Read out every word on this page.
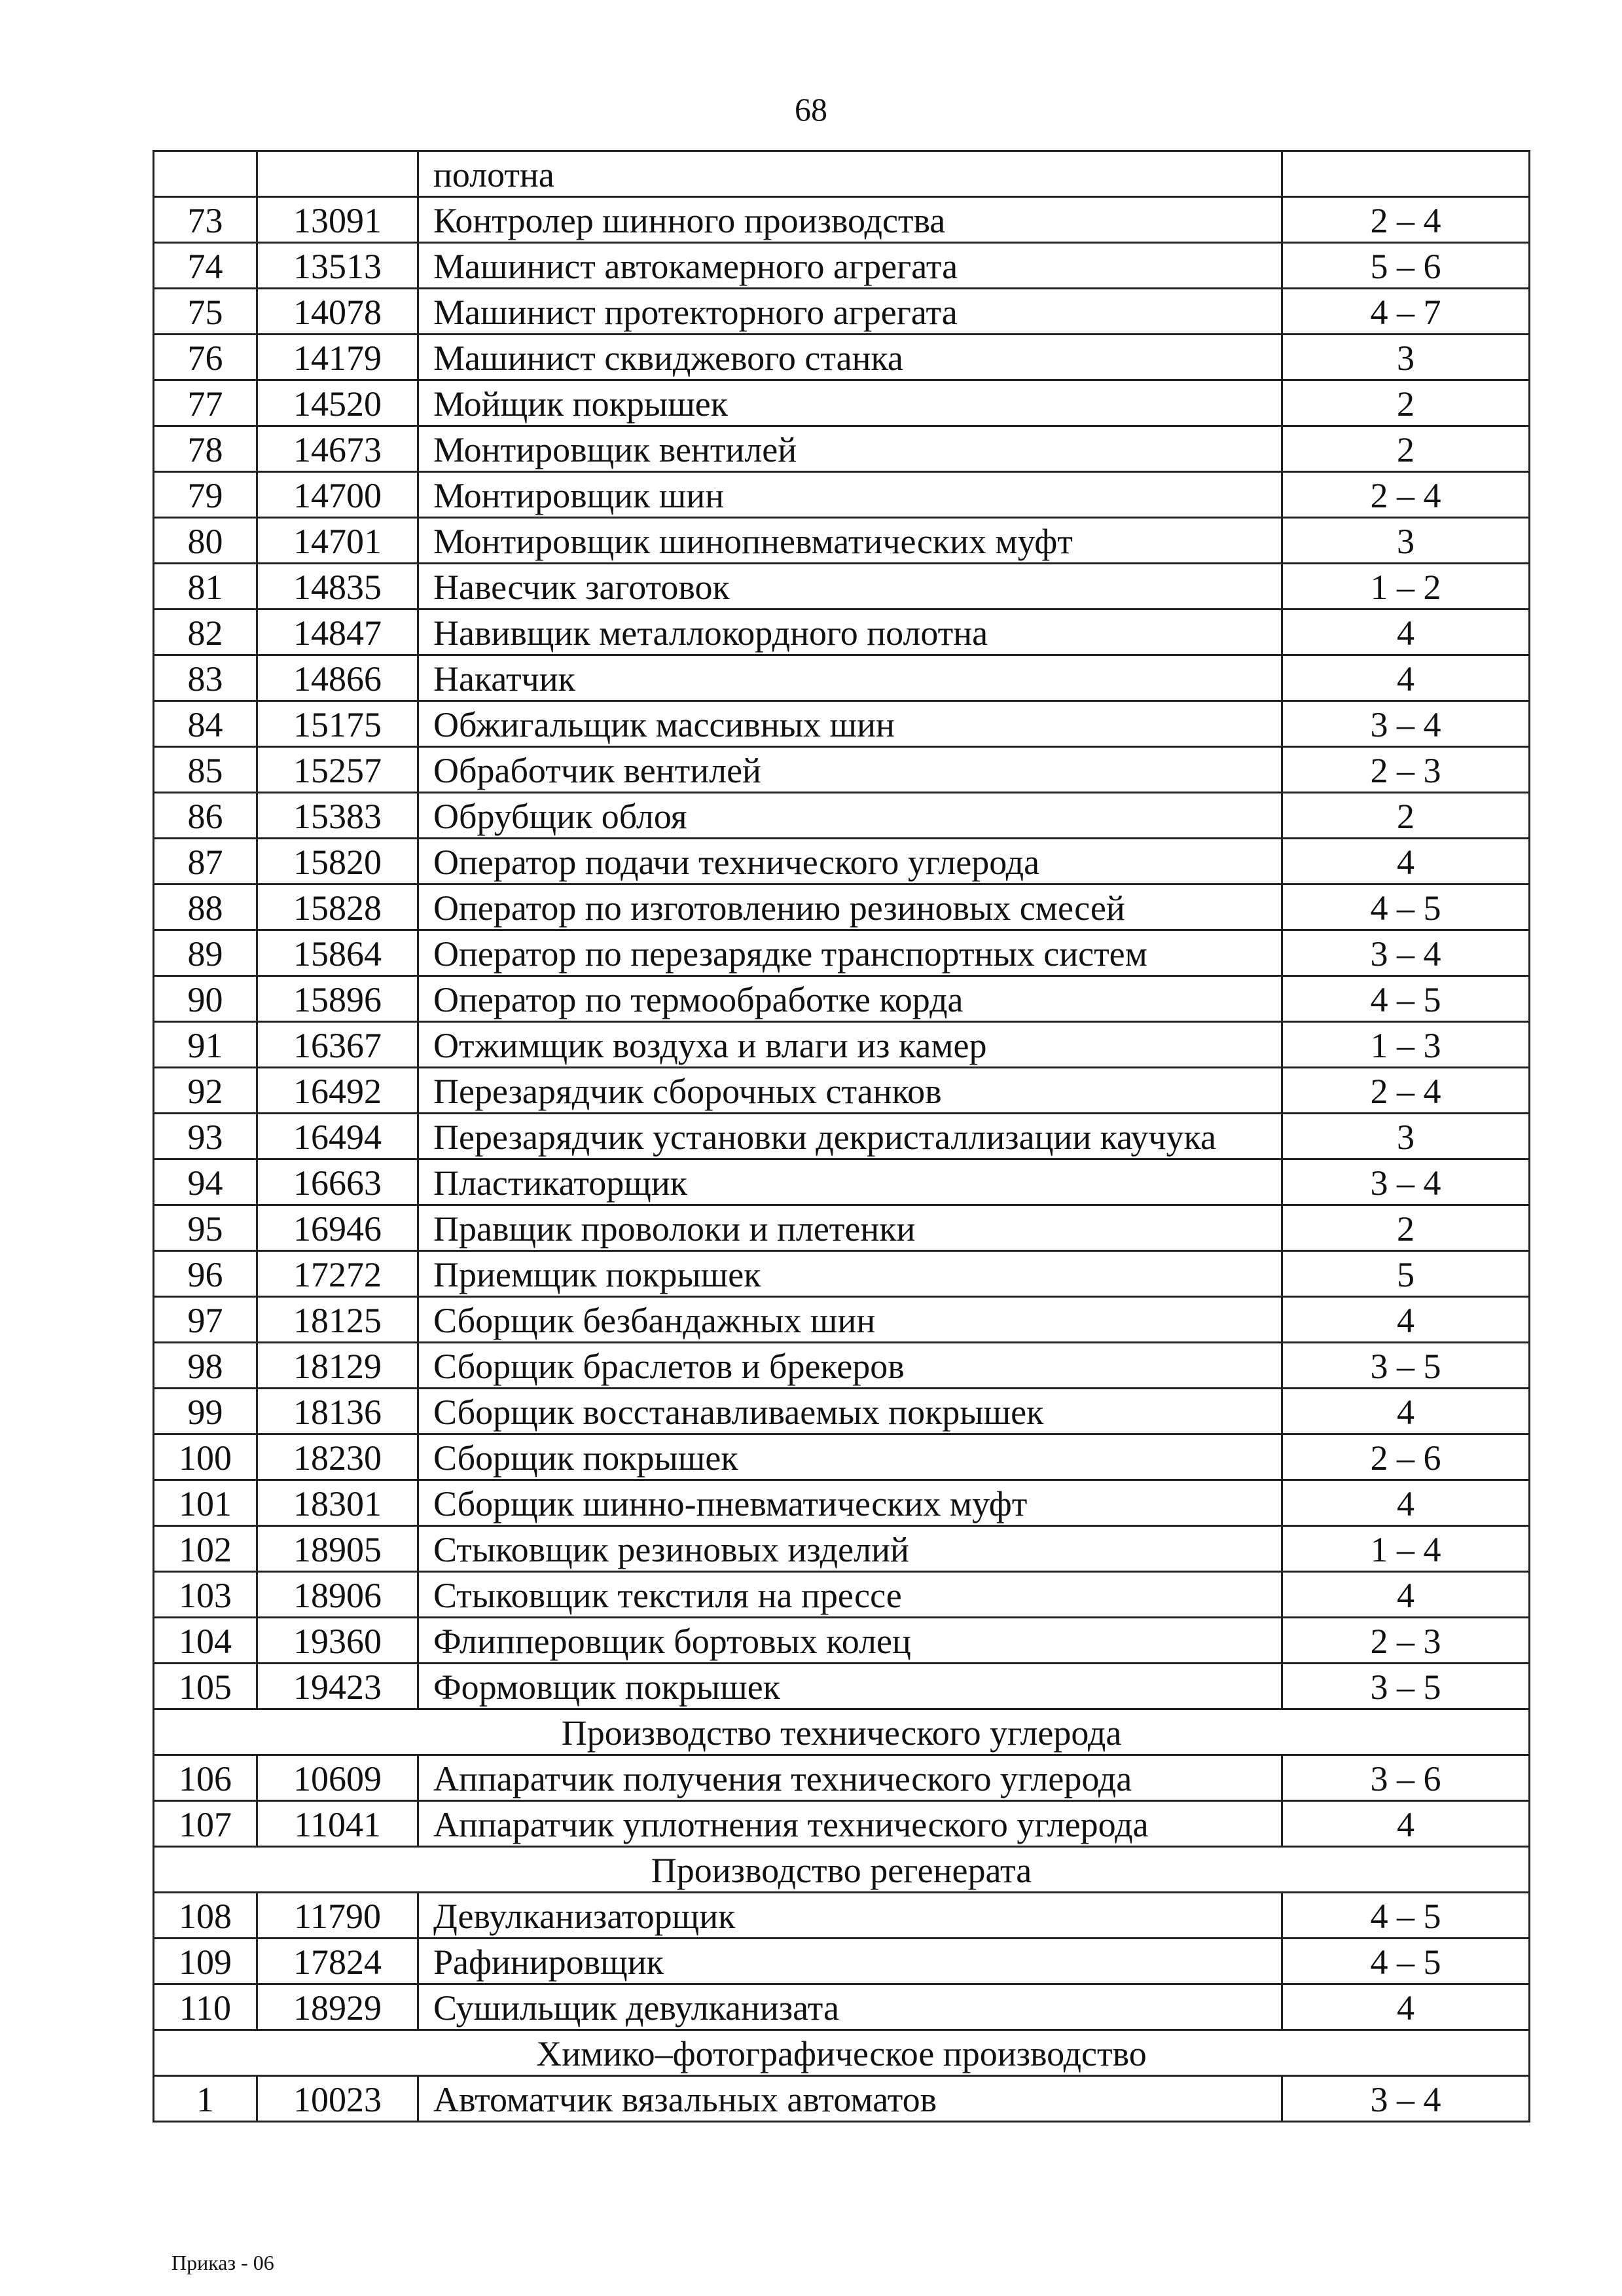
68
		полотна	
73	13091	Контролер шинного производства	2 – 4
74	13513	Машинист автокамерного агрегата	5 – 6
75	14078	Машинист протекторного агрегата	4 – 7
76	14179	Машинист сквиджевого станка	3
77	14520	Мойщик покрышек	2
78	14673	Монтировщик вентилей	2
79	14700	Монтировщик шин	2 – 4
80	14701	Монтировщик шинопневматических муфт	3
81	14835	Навесчик заготовок	1 – 2
82	14847	Навивщик металлокордного полотна	4
83	14866	Накатчик	4
84	15175	Обжигальщик массивных шин	3 – 4
85	15257	Обработчик вентилей	2 – 3
86	15383	Обрубщик облоя	2
87	15820	Оператор подачи технического углерода	4
88	15828	Оператор по изготовлению резиновых смесей	4 – 5
89	15864	Оператор по перезарядке транспортных систем	3 – 4
90	15896	Оператор по термообработке корда	4 – 5
91	16367	Отжимщик воздуха и влаги из камер	1 – 3
92	16492	Перезарядчик сборочных станков	2 – 4
93	16494	Перезарядчик установки декристаллизации каучука	3
94	16663	Пластикаторщик	3 – 4
95	16946	Правщик проволоки и плетенки	2
96	17272	Приемщик покрышек	5
97	18125	Сборщик безбандажных шин	4
98	18129	Сборщик браслетов и брекеров	3 – 5
99	18136	Сборщик восстанавливаемых покрышек	4
100	18230	Сборщик покрышек	2 – 6
101	18301	Сборщик шинно-пневматических муфт	4
102	18905	Стыковщик резиновых изделий	1 – 4
103	18906	Стыковщик текстиля на прессе	4
104	19360	Флипперовщик бортовых колец	2 – 3
105	19423	Формовщик покрышек	3 – 5
Производство технического углерода			
106	10609	Аппаратчик получения технического углерода	3 – 6
107	11041	Аппаратчик уплотнения технического углерода	4
Производство регенерата			
108	11790	Девулканизаторщик	4 – 5
109	17824	Рафинировщик	4 – 5
110	18929	Сушильщик девулканизата	4
Химико–фотографическое производство			
1	10023	Автоматчик вязальных автоматов	3 – 4
Приказ - 06
